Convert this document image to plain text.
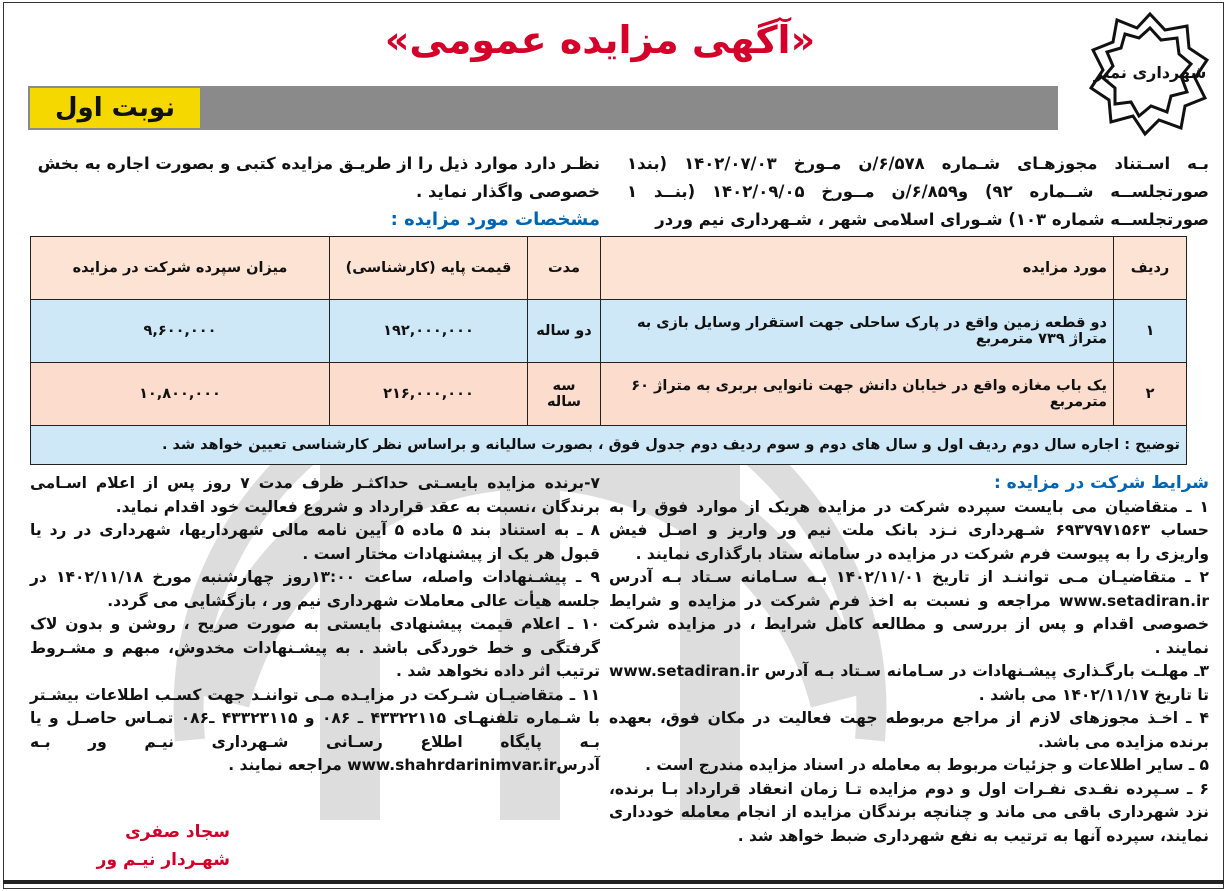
شهرداری نمیر
«آگهی مزایده عمومی»
نوبت اول
بـه اسـتناد مجوزهـای شـماره ۶/۵۷۸/ن مـورخ ۱۴۰۲/۰۷/۰۳ (بند۱ صورتجلســه شــماره ۹۲) و۶/۸۵۹/ن مــورخ ۱۴۰۲/۰۹/۰۵ (بنــد ۱ صورتجلســه شماره ۱۰۳) شـورای اسلامی شهر ، شـهرداری نیم وردر
نظـر دارد موارد ذیل را از طریـق مزایده کتبی و بصورت اجاره به بخش خصوصی واگذار نماید .
مشخصات مورد مزایده :
ردیف	مورد مزایده	مدت	قیمت پایه (کارشناسی)	میزان سپرده شرکت در مزایده
۱	دو قطعه زمین واقع در پارک ساحلی جهت استقرار وسایل بازی به متراژ ۷۳۹ مترمربع	دو ساله	۱۹۲,۰۰۰,۰۰۰	۹,۶۰۰,۰۰۰
۲	یک باب مغازه واقع در خیابان دانش جهت نانوایی بربری به متراژ ۶۰ مترمربع	سه ساله	۲۱۶,۰۰۰,۰۰۰	۱۰,۸۰۰,۰۰۰
توضیح : اجاره سال دوم ردیف اول و سال های دوم و سوم ردیف دوم جدول فوق ، بصورت سالیانه و براساس نظر کارشناسی تعیین خواهد شد .				

شرایط شرکت در مزایده :

۱ ـ متقاضیان می بایست سپرده شرکت در مزایده هریک از موارد فوق را به حساب ۶۹۳۷۹۷۱۵۶۳ شـهرداری نـزد بانک ملت نیم ور واریز و اصـل فیش واریزی را به پیوست فرم شرکت در مزایده در سامانه ستاد بارگذاری نمایند .

۲ ـ متقاضیـان مـی تواننـد از تاریخ ۱۴۰۲/۱۱/۰۱ بـه سـامانه سـتاد بـه آدرس www.setadiran.ir مراجعه و نسبت به اخذ فرم شرکت در مزایده و شرایط خصوصی اقدام و پس از بررسی و مطالعه کامل شرایط ، در مزایده شرکت نمایند .

۳ـ مهلـت بارگـذاری پیشـنهادات در سـامانه سـتاد بـه آدرس www.setadiran.ir تا تاریخ ۱۴۰۲/۱۱/۱۷ می باشد .

۴ ـ اخـذ مجوزهای لازم از مراجع مربوطه جهت فعالیت در مکان فوق، بعهده برنده مزایده می باشد.

۵ ـ سایر اطلاعات و جزئیات مربوط به معامله در اسناد مزایده مندرج است .

۶ ـ سـپرده نقـدی نفـرات اول و دوم مزایده تـا زمان انعقاد قرارداد بـا برنده، نزد شهرداری باقی می ماند و چنانچه برندگان مزایده از انجام معامله خودداری نمایند، سپرده آنها به ترتیب به نفع شهرداری ضبط خواهد شد .

۷-برنده مزایده بایسـتی حداکثـر ظرف مدت ۷ روز پس از اعلام اسـامی برندگان ،نسبت به عقد قرارداد و شروع فعالیت خود اقدام نماید.

۸ ـ به استناد بند ۵ ماده ۵ آیین نامه مالی شهرداریها، شهرداری در رد یا قبول هر یک از پیشنهادات مختار است .

۹ ـ پیشـنهادات واصله، ساعت ۱۳:۰۰روز چهارشنبه مورخ ۱۴۰۲/۱۱/۱۸ در جلسه هیأت عالی معاملات شهرداری نیم ور ، بازگشایی می گردد.

۱۰ ـ اعلام قیمت پیشنهادی بایستی به صورت صریح ، روشن و بدون لاک گرفتگی و خط خوردگی باشد . به پیشـنهادات مخدوش، مبهم و مشـروط ترتیب اثر داده نخواهد شد .

۱۱ ـ متقاضیـان شـرکت در مزایـده مـی تواننـد جهت کسـب اطلاعات بیشـتر با شـماره تلفنهـای ۴۳۳۲۲۱۱۵ ـ ۰۸۶ و ۴۳۳۲۳۱۱۵ ـ۰۸۶ تمـاس حاصـل و یا بـه پایگاه اطلاع رسـانی شـهرداری نیـم ور بـه آدرسwww.shahrdarinimvar.ir مراجعه نمایند .

سجاد صفری
شهـردار نیـم ور
